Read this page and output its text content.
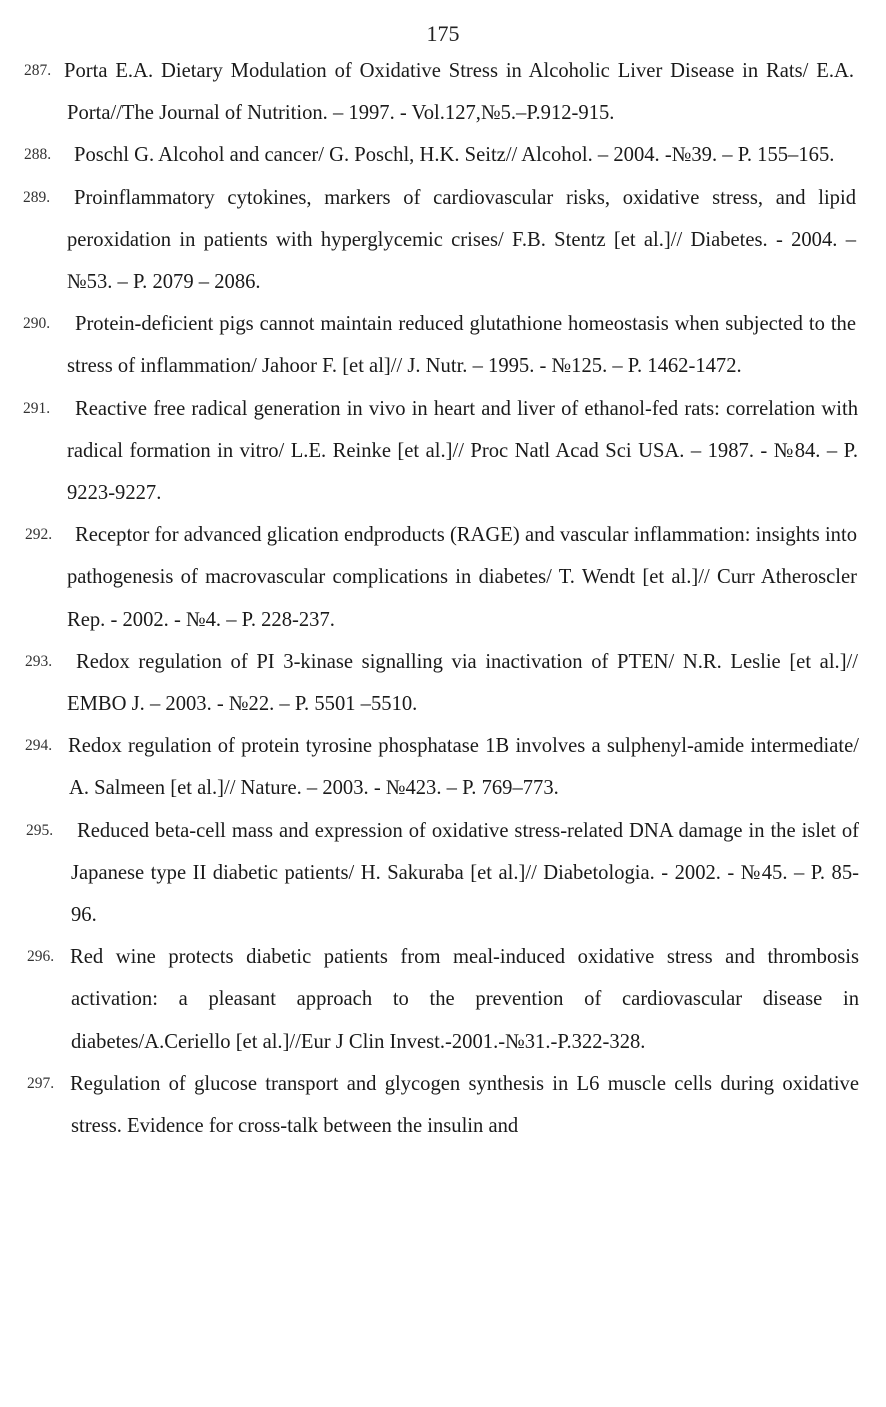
175
287. Porta E.A. Dietary Modulation of Oxidative Stress in Alcoholic Liver Disease in Rats/ E.A. Porta//The Journal of Nutrition. – 1997. - Vol.127,№5.–P.912-915.
288.	Poschl G. Alcohol and cancer/ G. Poschl, H.K. Seitz// Alcohol. – 2004. -№39. – P. 155–165.
289.	Proinflammatory cytokines, markers of cardiovascular risks, oxidative stress, and lipid peroxidation in patients with hyperglycemic crises/ F.B. Stentz [et al.]// Diabetes. - 2004. – №53. – P. 2079 – 2086.
290.	Protein-deficient pigs cannot maintain reduced glutathione homeostasis when subjected to the stress of inflammation/ Jahoor F. [et al]// J. Nutr. – 1995. - №125. – P. 1462-1472.
291.	Reactive free radical generation in vivo in heart and liver of ethanol-fed rats: correlation with radical formation in vitro/ L.E. Reinke [et al.]// Proc Natl Acad Sci USA. – 1987. - №84. – P. 9223-9227.
292.	Receptor for advanced glication endproducts (RAGE) and vascular inflammation: insights into pathogenesis of macrovascular complications in diabetes/ T. Wendt [et al.]// Curr Atheroscler Rep. - 2002. - №4. – P. 228-237.
293.	Redox regulation of PI 3-kinase signalling via inactivation of PTEN/ N.R. Leslie [et al.]// EMBO J. – 2003. - №22. – P. 5501 –5510.
294. Redox regulation of protein tyrosine phosphatase 1B involves a sulphenyl-amide intermediate/ A. Salmeen [et al.]// Nature. – 2003. - №423. – P. 769–773.
295. Reduced beta-cell mass and expression of oxidative stress-related DNA damage in the islet of Japanese type II diabetic patients/ H. Sakuraba [et al.]// Diabetologia. - 2002. - №45. – P. 85-96.
296. Red wine protects diabetic patients from meal-induced oxidative stress and thrombosis activation: a pleasant approach to the prevention of cardiovascular disease in diabetes/A.Ceriello [et al.]//Eur J Clin Invest.-2001.-№31.-P.322-328.
297. Regulation of glucose transport and glycogen synthesis in L6 muscle cells during oxidative stress. Evidence for cross-talk between the insulin and
